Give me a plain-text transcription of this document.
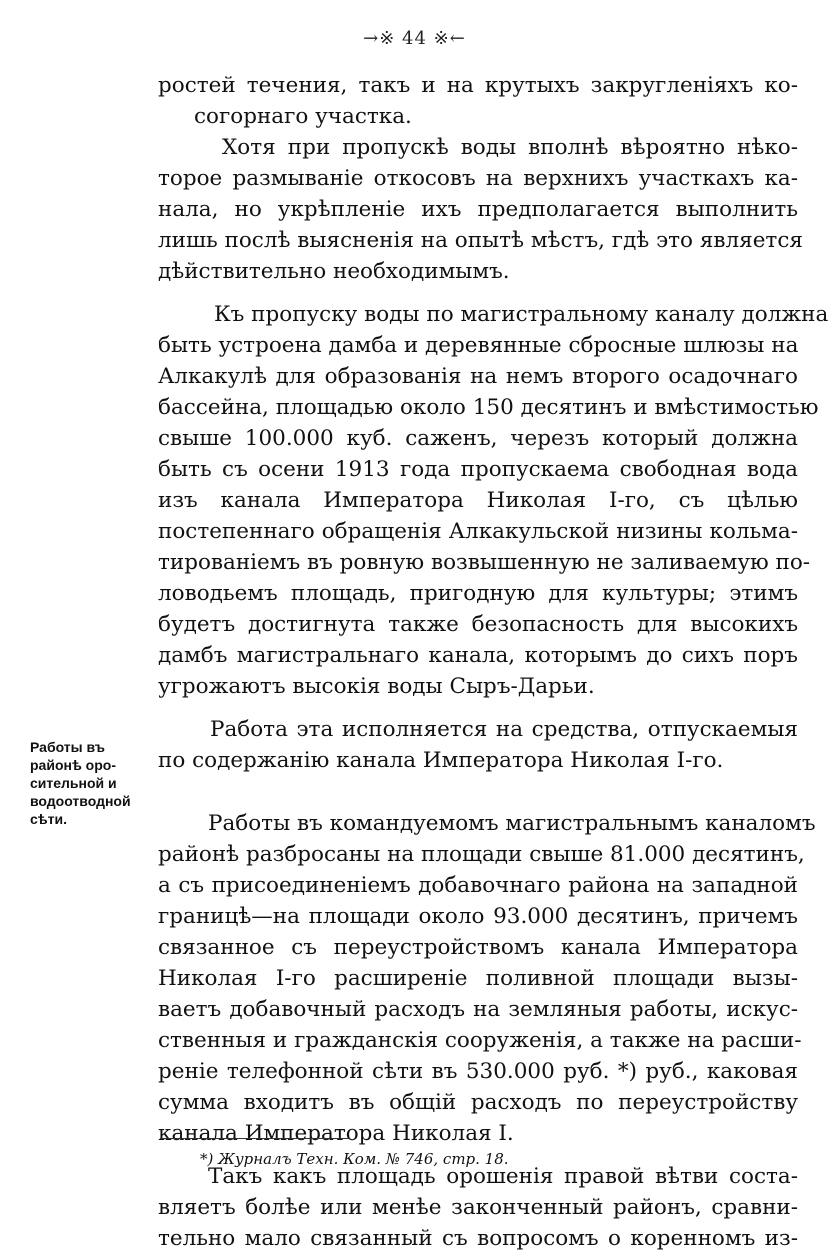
→※ 44 ※←
ростей течения, такъ и на крутыхъ закругленіяхъ ко-
согорнаго участка.
Хотя при пропускѣ воды вполнѣ вѣроятно нѣко-
торое размываніе откосовъ на верхнихъ участкахъ ка-
нала, но укрѣпленіе ихъ предполагается выполнить
лишь послѣ выясненія на опытѣ мѣстъ, гдѣ это является
дѣйствительно необходимымъ.
Къ пропуску воды по магистральному каналу должна
быть устроена дамба и деревянные сбросные шлюзы на
Алкакулѣ для образованія на немъ второго осадочнаго
бассейна, площадью около 150 десятинъ и вмѣстимостью
свыше 100.000 куб. саженъ, черезъ который должна
быть съ осени 1913 года пропускаема свободная вода
изъ канала Императора Николая І-го, съ цѣлью
постепеннаго обращенія Алкакульской низины кольма-
тированіемъ въ ровную возвышенную не заливаемую по-
ловодьемъ площадь, пригодную для культуры; этимъ
будетъ достигнута также безопасность для высокихъ
дамбъ магистральнаго канала, которымъ до сихъ поръ
угрожаютъ высокія воды Сыръ-Дарьи.
Работа эта исполняется на средства, отпускаемыя
по содержанію канала Императора Николая І-го.
Работы въ командуемомъ магистральнымъ каналомъ
районѣ разбросаны на площади свыше 81.000 десятинъ,
а съ присоединеніемъ добавочнаго района на западной
границѣ—на площади около 93.000 десятинъ, причемъ
связанное съ переустройствомъ канала Императора
Николая І-го расширеніе поливной площади вызы-
ваетъ добавочный расходъ на земляныя работы, искус-
ственныя и гражданскія сооруженія, а также на расши-
реніе телефонной сѣти въ 530.000 руб. *) руб., каковая
сумма входитъ въ общій расходъ по переустройству
канала Императора Николая І.
Такъ какъ площадь орошенія правой вѣтви соста-
вляетъ болѣе или менѣе законченный районъ, сравни-
тельно мало связанный съ вопросомъ о коренномъ из-
Работы въ
районѣ оро-
сительной и
водоотводной
сѣти.
*) Журналъ Техн. Ком. № 746, стр. 18.
